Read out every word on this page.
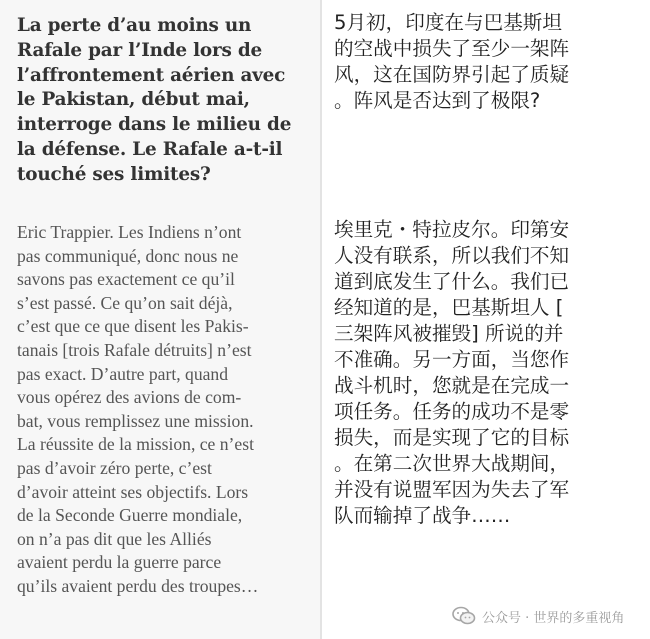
La perte d’au moins un
Rafale par l’Inde lors de
l’affrontement aérien avec
le Pakistan, début mai,
interroge dans le milieu de
la défense. Le Rafale a-t-il
touché ses limites?
Eric Trappier. Les Indiens n’ont
pas communiqué, donc nous ne
savons pas exactement ce qu’il
s’est passé. Ce qu’on sait déjà,
c’est que ce que disent les Pakis-
tanais [trois Rafale détruits] n’est
pas exact. D’autre part, quand
vous opérez des avions de com-
bat, vous remplissez une mission.
La réussite de la mission, ce n’est
pas d’avoir zéro perte, c’est
d’avoir atteint ses objectifs. Lors
de la Seconde Guerre mondiale,
on n’a pas dit que les Alliés
avaient perdu la guerre parce
qu’ils avaient perdu des troupes…
5月初，印度在与巴基斯坦
的空战中损失了至少一架阵
风，这在国防界引起了质疑
。阵风是否达到了极限?
埃里克・特拉皮尔。印第安
人没有联系，所以我们不知
道到底发生了什么。我们已
经知道的是，巴基斯坦人 [
三架阵风被摧毁] 所说的并
不准确。另一方面，当您作
战斗机时，您就是在完成一
项任务。任务的成功不是零
损失，而是实现了它的目标
。在第二次世界大战期间，
并没有说盟军因为失去了军
队而输掉了战争……
公众号 · 世界的多重视角
